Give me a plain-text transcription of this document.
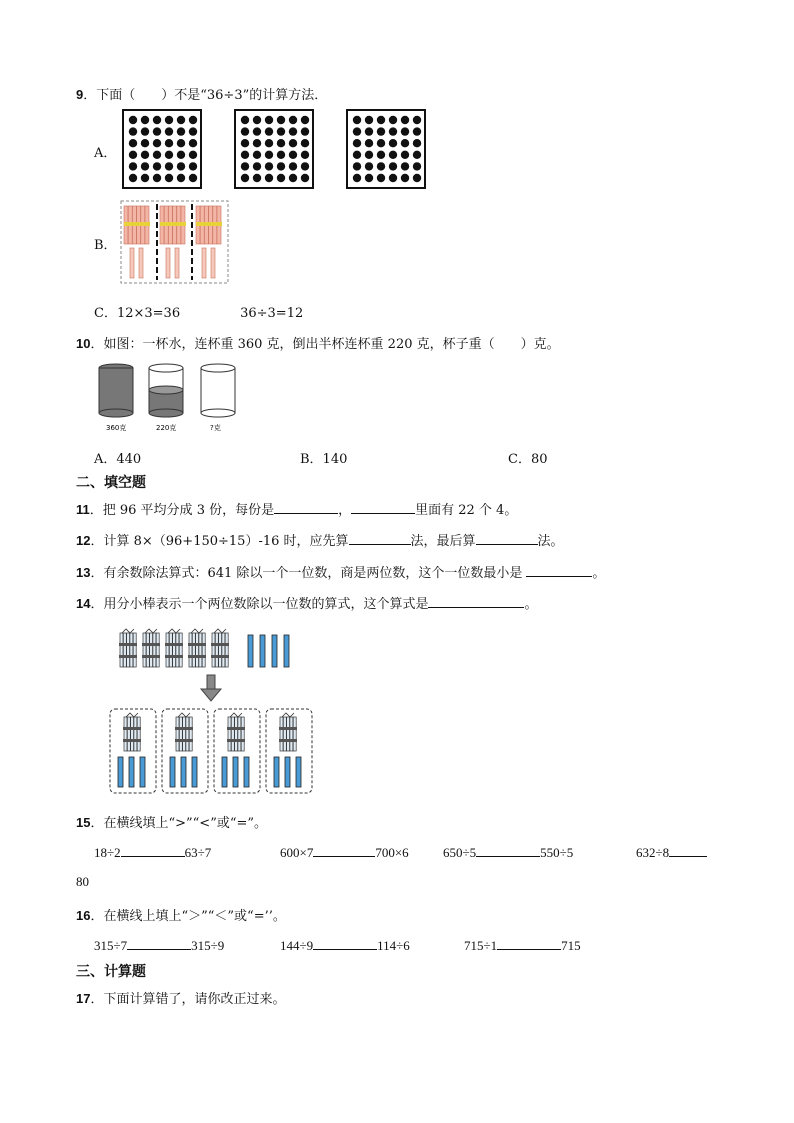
9．下面（　　）不是“36÷3”的计算方法．
A．
B．
C．12×3=36	36÷3=12
10．如图：一杯水，连杯重 360 克，倒出半杯连杯重 220 克，杯子重（　　）克。
360克	220克	?克
A．440	B．140	C．80
二、填空题
11．把 96 平均分成 3 份，每份是	，	里面有 22 个 4。
12．计算 8×（96+150÷15）-16 时，应先算	法，最后算	法。
13．有余数除法算式：641 除以一个一位数，商是两位数，这个一位数最小是	。
14．用分小棒表示一个两位数除以一位数的算式，这个算式是	。
15．在横线填上“>”“<”或“=”。
18÷2	63÷7	600×7	700×6	650÷5	550÷5	632÷8
80
16．在横线上填上“＞”“＜”或“=’’。
315÷7	315÷9	144÷9	114÷6	715÷1	715
三、计算题
17．下面计算错了，请你改正过来。
